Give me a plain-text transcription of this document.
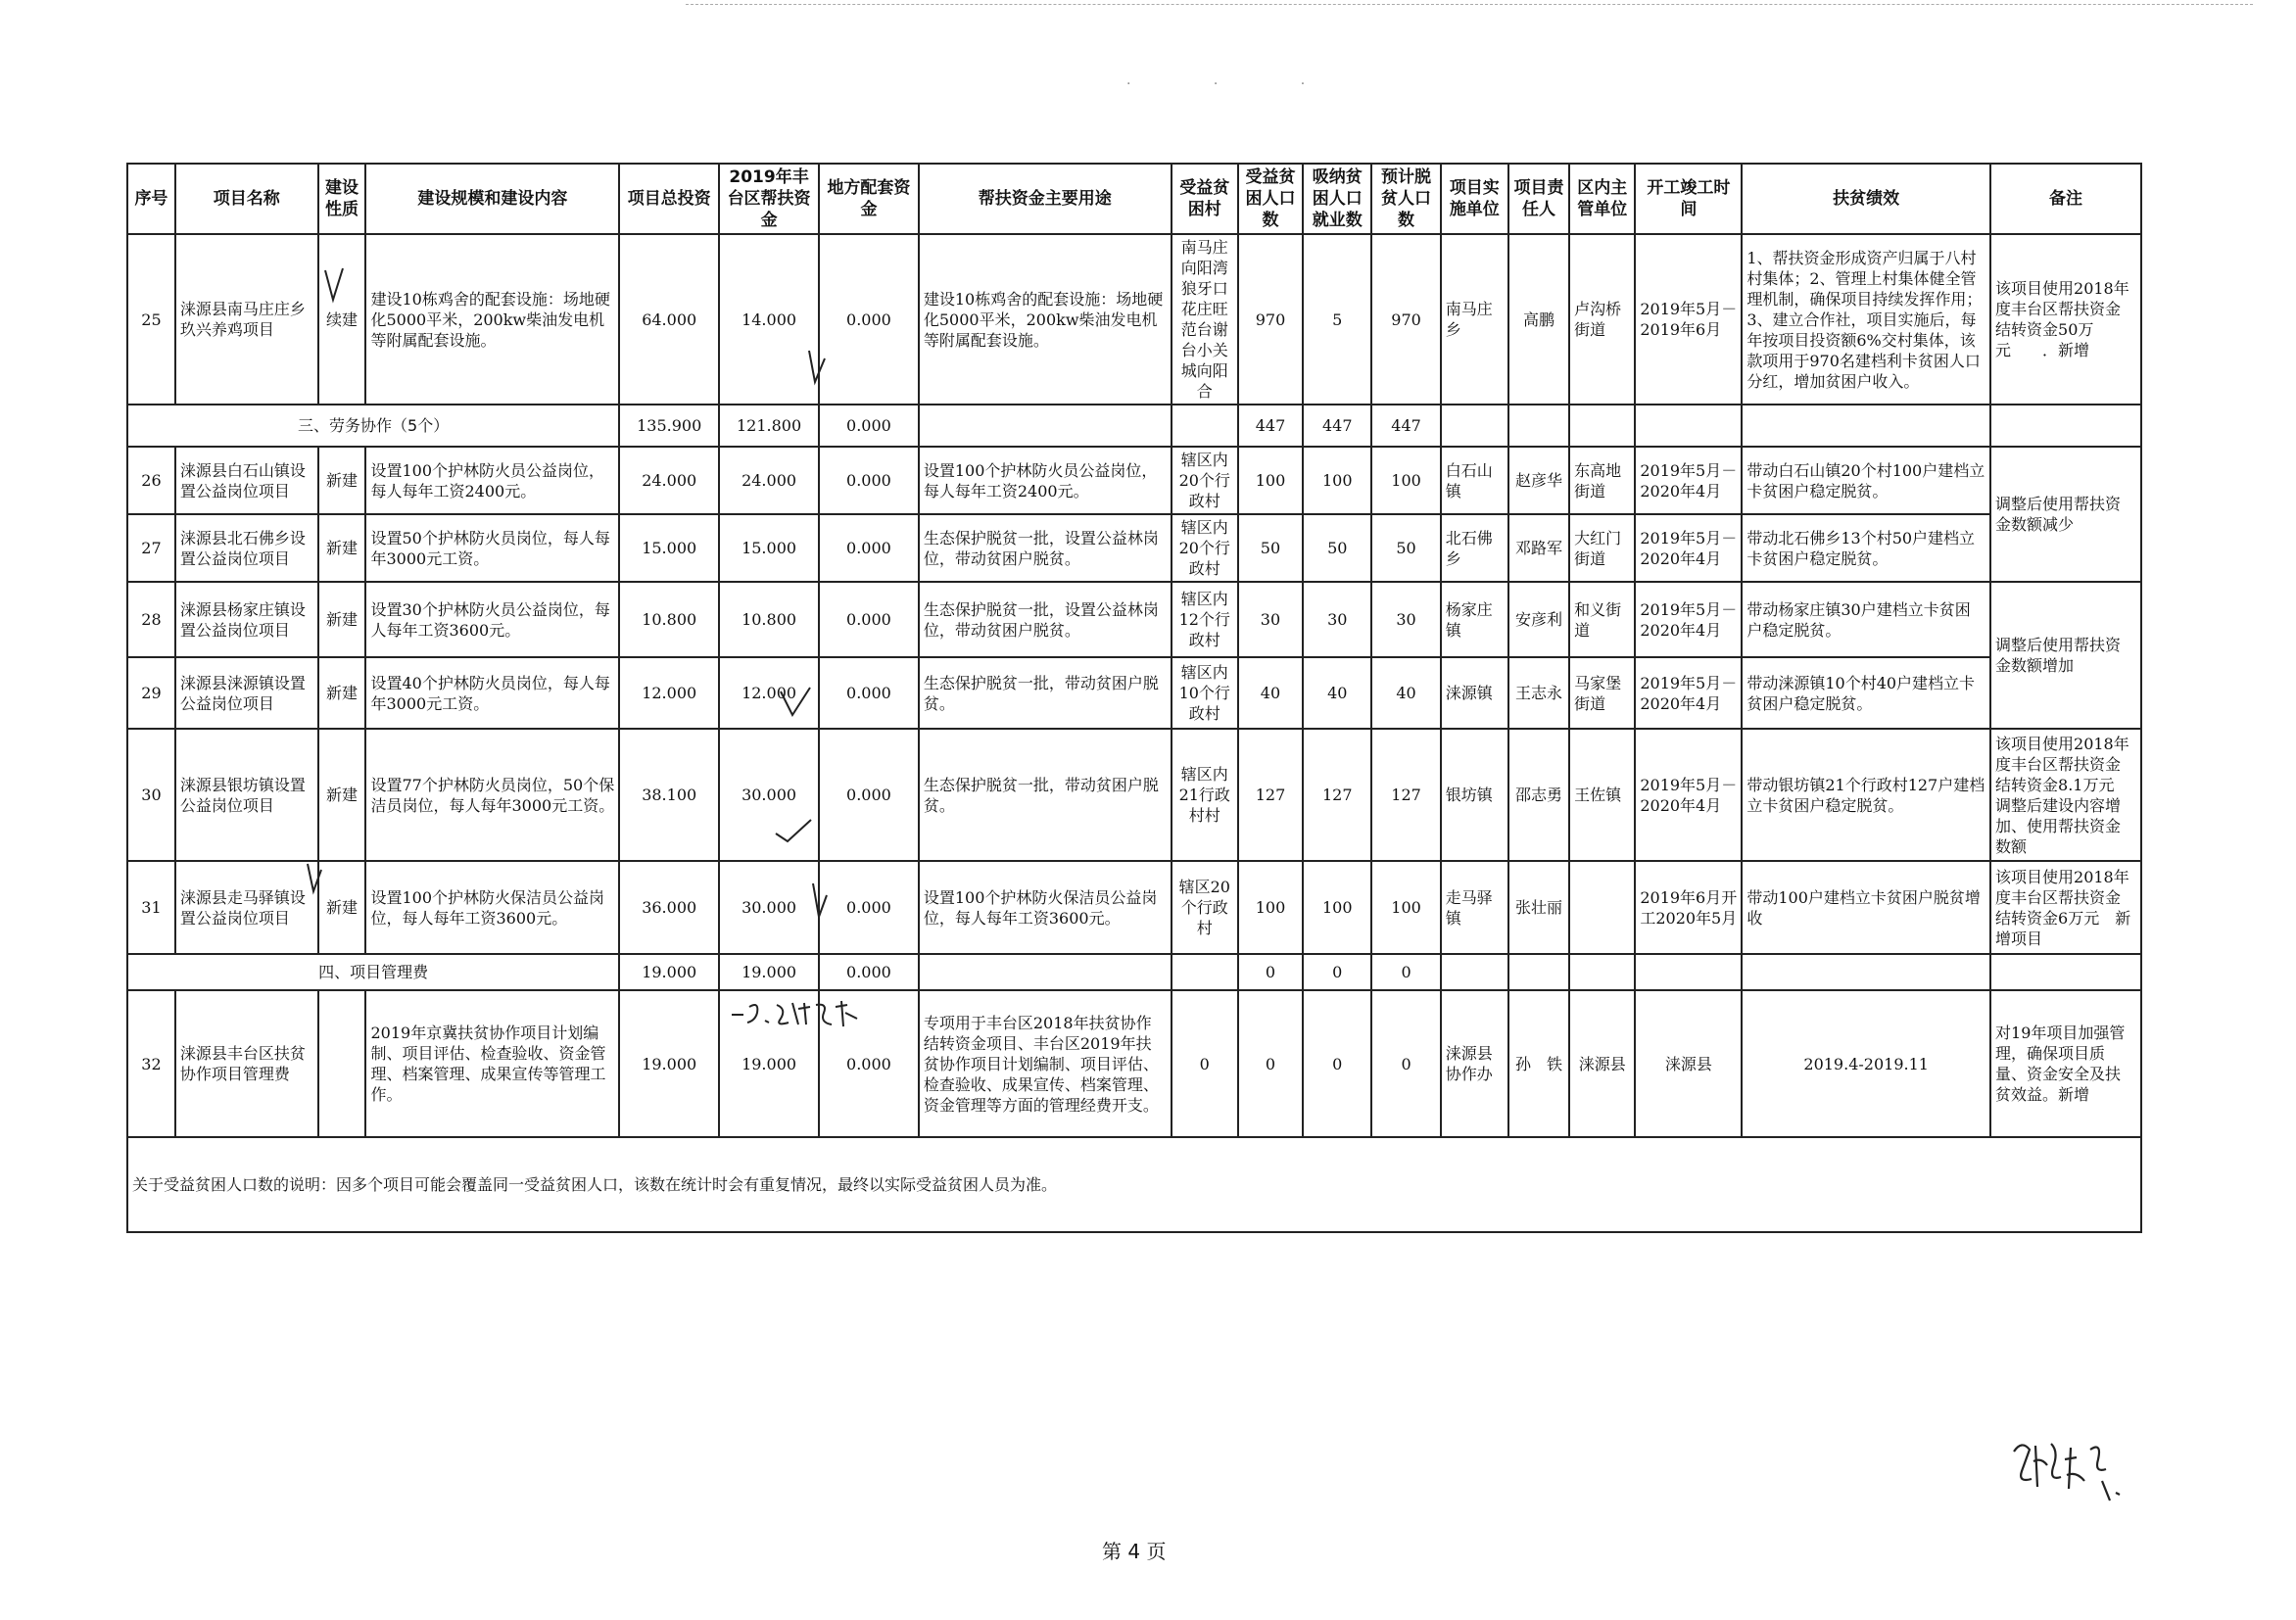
· · ·
序号	项目名称	建设性质	建设规模和建设内容	项目总投资	2019年丰台区帮扶资金	地方配套资金	帮扶资金主要用途	受益贫困村	受益贫困人口数	吸纳贫困人口就业数	预计脱贫人口数	项目实施单位	项目责任人	区内主管单位	开工竣工时间	扶贫绩效	备注
25	涞源县南马庄庄乡玖兴养鸡项目	续建	建设10栋鸡舍的配套设施：场地硬化5000平米，200kw柴油发电机等附属配套设施。	64.000	14.000	0.000	建设10栋鸡舍的配套设施：场地硬化5000平米，200kw柴油发电机等附属配套设施。	南马庄向阳湾狼牙口花庄旺范台谢台小关城向阳合	970	5	970	南马庄乡	高鹏	卢沟桥街道	2019年5月－2019年6月	1、帮扶资金形成资产归属于八村村集体；2、管理上村集体健全管理机制，确保项目持续发挥作用；3、建立合作社，项目实施后，每年按项目投资额6%交村集体，该款项用于970名建档利卡贫困人口分红，增加贫困户收入。	该项目使用2018年度丰台区帮扶资金结转资金50万元　　．新增
三、劳务协作（5个）				135.900	121.800	0.000			447	447	447						
26	涞源县白石山镇设置公益岗位项目	新建	设置100个护林防火员公益岗位，每人每年工资2400元。	24.000	24.000	0.000	设置100个护林防火员公益岗位，每人每年工资2400元。	辖区内20个行政村	100	100	100	白石山镇	赵彦华	东高地街道	2019年5月－2020年4月	带动白石山镇20个村100户建档立卡贫困户稳定脱贫。	调整后使用帮扶资金数额减少
27	涞源县北石佛乡设置公益岗位项目	新建	设置50个护林防火员岗位，每人每年3000元工资。	15.000	15.000	0.000	生态保护脱贫一批，设置公益林岗位，带动贫困户脱贫。	辖区内20个行政村	50	50	50	北石佛乡	邓路军	大红门街道	2019年5月－2020年4月	带动北石佛乡13个村50户建档立卡贫困户稳定脱贫。	
28	涞源县杨家庄镇设置公益岗位项目	新建	设置30个护林防火员公益岗位，每人每年工资3600元。	10.800	10.800	0.000	生态保护脱贫一批，设置公益林岗位，带动贫困户脱贫。	辖区内12个行政村	30	30	30	杨家庄镇	安彦利	和义街道	2019年5月－2020年4月	带动杨家庄镇30户建档立卡贫困户稳定脱贫。	调整后使用帮扶资金数额增加
29	涞源县涞源镇设置公益岗位项目	新建	设置40个护林防火员岗位，每人每年3000元工资。	12.000	12.000	0.000	生态保护脱贫一批，带动贫困户脱贫。	辖区内10个行政村	40	40	40	涞源镇	王志永	马家堡街道	2019年5月－2020年4月	带动涞源镇10个村40户建档立卡贫困户稳定脱贫。	
30	涞源县银坊镇设置公益岗位项目	新建	设置77个护林防火员岗位，50个保洁员岗位，每人每年3000元工资。	38.100	30.000	0.000	生态保护脱贫一批，带动贫困户脱贫。	辖区内21行政村村	127	127	127	银坊镇	邵志勇	王佐镇	2019年5月－2020年4月	带动银坊镇21个行政村127户建档立卡贫困户稳定脱贫。	该项目使用2018年度丰台区帮扶资金结转资金8.1万元　调整后建设内容增加、使用帮扶资金数额
31	涞源县走马驿镇设置公益岗位项目	新建	设置100个护林防火保洁员公益岗位，每人每年工资3600元。	36.000	30.000	0.000	设置100个护林防火保洁员公益岗位，每人每年工资3600元。	辖区20个行政村	100	100	100	走马驿镇	张壮丽		2019年6月开工2020年5月	带动100户建档立卡贫困户脱贫增收	该项目使用2018年度丰台区帮扶资金结转资金6万元　新增项目
四、项目管理费				19.000	19.000	0.000			0	0	0						
32	涞源县丰台区扶贫协作项目管理费		2019年京冀扶贫协作项目计划编制、项目评估、检查验收、资金管理、档案管理、成果宣传等管理工作。	19.000	19.000	0.000	专项用于丰台区2018年扶贫协作结转资金项目、丰台区2019年扶贫协作项目计划编制、项目评估、检查验收、成果宣传、档案管理、资金管理等方面的管理经费开支。	0	0	0	0	涞源县协作办	孙　铁	涞源县	涞源县	2019.4-2019.11	对19年项目加强管理，确保项目质量、资金安全及扶贫效益。新增
关于受益贫困人口数的说明：因多个项目可能会覆盖同一受益贫困人口，该数在统计时会有重复情况，最终以实际受益贫困人员为准。																	
第 4 页
